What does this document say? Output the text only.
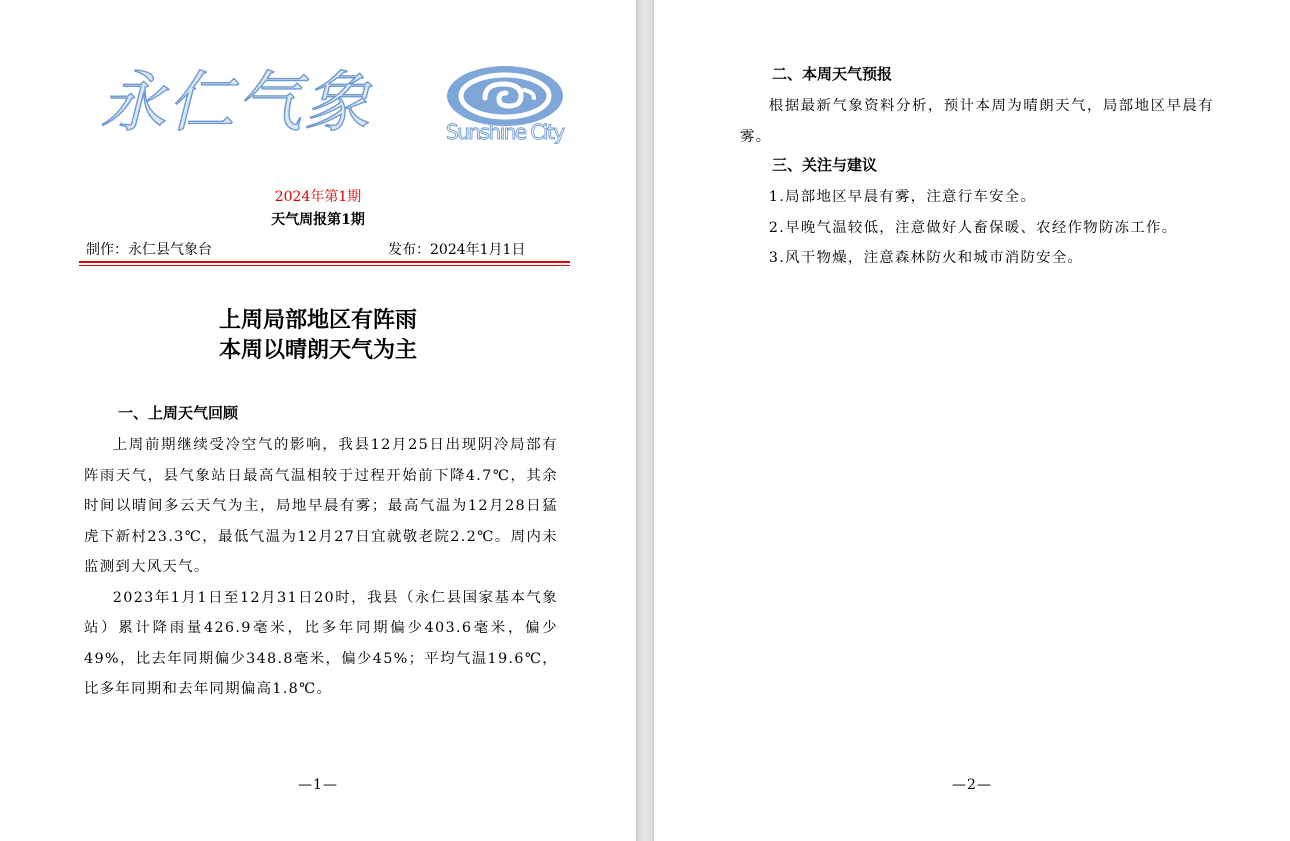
永仁气象	Sunshine City
2024年第1期
天气周报第1期
制作：永仁县气象台	发布：2024年1月1日
上周局部地区有阵雨
本周以晴朗天气为主
一、上周天气回顾

上周前期继续受冷空气的影响，我县12月25日出现阴冷局部有阵雨天气，县气象站日最高气温相较于过程开始前下降4.7℃，其余时间以晴间多云天气为主，局地早晨有雾；最高气温为12月28日猛虎下新村23.3℃，最低气温为12月27日宜就敬老院2.2℃。周内未监测到大风天气。

2023年1月1日至12月31日20时，我县（永仁县国家基本气象站）累计降雨量426.9毫米，比多年同期偏少403.6毫米，偏少49%，比去年同期偏少348.8毫米，偏少45%；平均气温19.6℃，比多年同期和去年同期偏高1.8℃。

—1—
二、本周天气预报

根据最新气象资料分析，预计本周为晴朗天气，局部地区早晨有雾。

三、关注与建议

1.局部地区早晨有雾，注意行车安全。

2.早晚气温较低，注意做好人畜保暖、农经作物防冻工作。

3.风干物燥，注意森林防火和城市消防安全。

—2—
